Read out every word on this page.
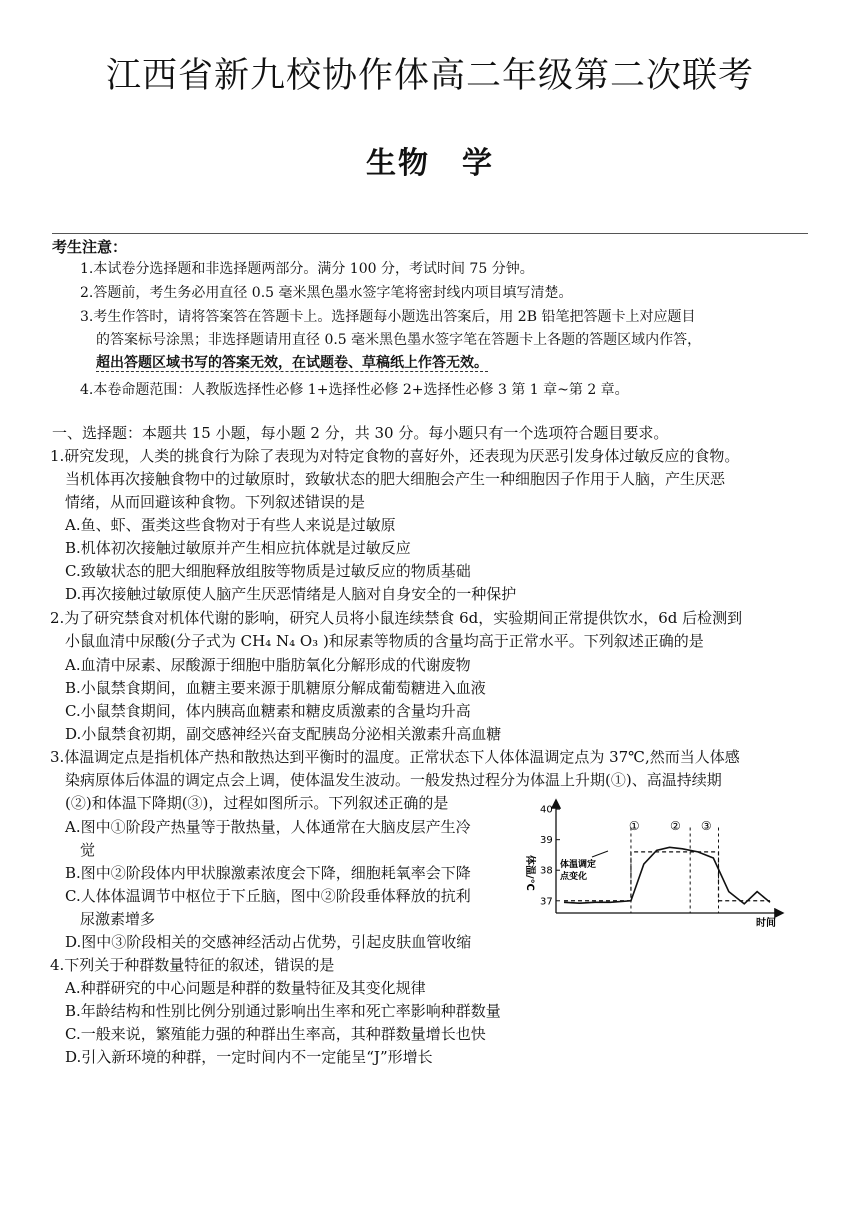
江西省新九校协作体高二年级第二次联考
生物　学
考生注意：
1.本试卷分选择题和非选择题两部分。满分 100 分，考试时间 75 分钟。
2.答题前，考生务必用直径 0.5 毫米黑色墨水签字笔将密封线内项目填写清楚。
3.考生作答时，请将答案答在答题卡上。选择题每小题选出答案后，用 2B 铅笔把答题卡上对应题目
的答案标号涂黑；非选择题请用直径 0.5 毫米黑色墨水签字笔在答题卡上各题的答题区域内作答，
超出答题区域书写的答案无效，在试题卷、草稿纸上作答无效。
4.本卷命题范围：人教版选择性必修 1+选择性必修 2+选择性必修 3 第 1 章~第 2 章。
一、选择题：本题共 15 小题，每小题 2 分，共 30 分。每小题只有一个选项符合题目要求。
1.研究发现，人类的挑食行为除了表现为对特定食物的喜好外，还表现为厌恶引发身体过敏反应的食物。
当机体再次接触食物中的过敏原时，致敏状态的肥大细胞会产生一种细胞因子作用于人脑，产生厌恶
情绪，从而回避该种食物。下列叙述错误的是
A.鱼、虾、蛋类这些食物对于有些人来说是过敏原
B.机体初次接触过敏原并产生相应抗体就是过敏反应
C.致敏状态的肥大细胞释放组胺等物质是过敏反应的物质基础
D.再次接触过敏原使人脑产生厌恶情绪是人脑对自身安全的一种保护
2.为了研究禁食对机体代谢的影响，研究人员将小鼠连续禁食 6d，实验期间正常提供饮水，6d 后检测到
小鼠血清中尿酸(分子式为 CH₄ N₄ O₃ )和尿素等物质的含量均高于正常水平。下列叙述正确的是
A.血清中尿素、尿酸源于细胞中脂肪氧化分解形成的代谢废物
B.小鼠禁食期间，血糖主要来源于肌糖原分解成葡萄糖进入血液
C.小鼠禁食期间，体内胰高血糖素和糖皮质激素的含量均升高
D.小鼠禁食初期，副交感神经兴奋支配胰岛分泌相关激素升高血糖
3.体温调定点是指机体产热和散热达到平衡时的温度。正常状态下人体体温调定点为 37℃,然而当人体感
染病原体后体温的调定点会上调，使体温发生波动。一般发热过程分为体温上升期(①)、高温持续期
(②)和体温下降期(③)，过程如图所示。下列叙述正确的是
A.图中①阶段产热量等于散热量，人体通常在大脑皮层产生冷
觉
B.图中②阶段体内甲状腺激素浓度会下降，细胞耗氧率会下降
C.人体体温调节中枢位于下丘脑，图中②阶段垂体释放的抗利
尿激素增多
D.图中③阶段相关的交感神经活动占优势，引起皮肤血管收缩
37
38
39
40
①	② ③
体温/℃
时间
体温调定
点变化
4.下列关于种群数量特征的叙述，错误的是
A.种群研究的中心问题是种群的数量特征及其变化规律
B.年龄结构和性别比例分别通过影响出生率和死亡率影响种群数量
C.一般来说，繁殖能力强的种群出生率高，其种群数量增长也快
D.引入新环境的种群，一定时间内不一定能呈“J”形增长
